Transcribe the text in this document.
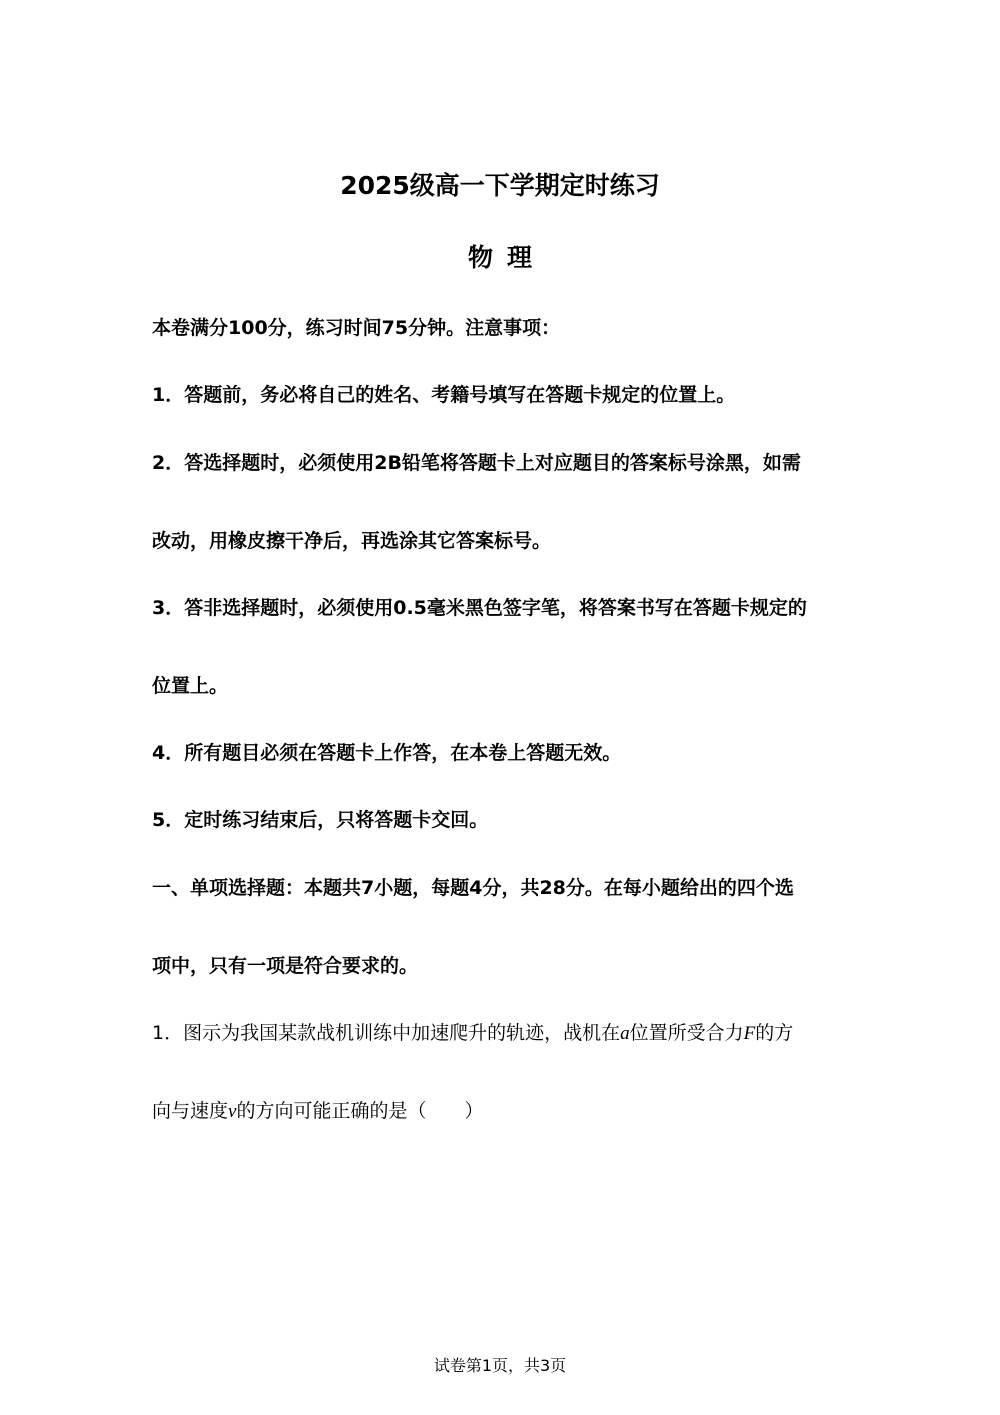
2025级高一下学期定时练习
物理
本卷满分100分，练习时间75分钟。注意事项：
1．答题前，务必将自己的姓名、考籍号填写在答题卡规定的位置上。
2．答选择题时，必须使用2B铅笔将答题卡上对应题目的答案标号涂黑，如需
改动，用橡皮擦干净后，再选涂其它答案标号。
3．答非选择题时，必须使用0.5毫米黑色签字笔，将答案书写在答题卡规定的
位置上。
4．所有题目必须在答题卡上作答，在本卷上答题无效。
5．定时练习结束后，只将答题卡交回。
一、单项选择题：本题共7小题，每题4分，共28分。在每小题给出的四个选
项中，只有一项是符合要求的。
1．图示为我国某款战机训练中加速爬升的轨迹，战机在a位置所受合力F的方
向与速度v的方向可能正确的是（　　）
试卷第1页，共3页
